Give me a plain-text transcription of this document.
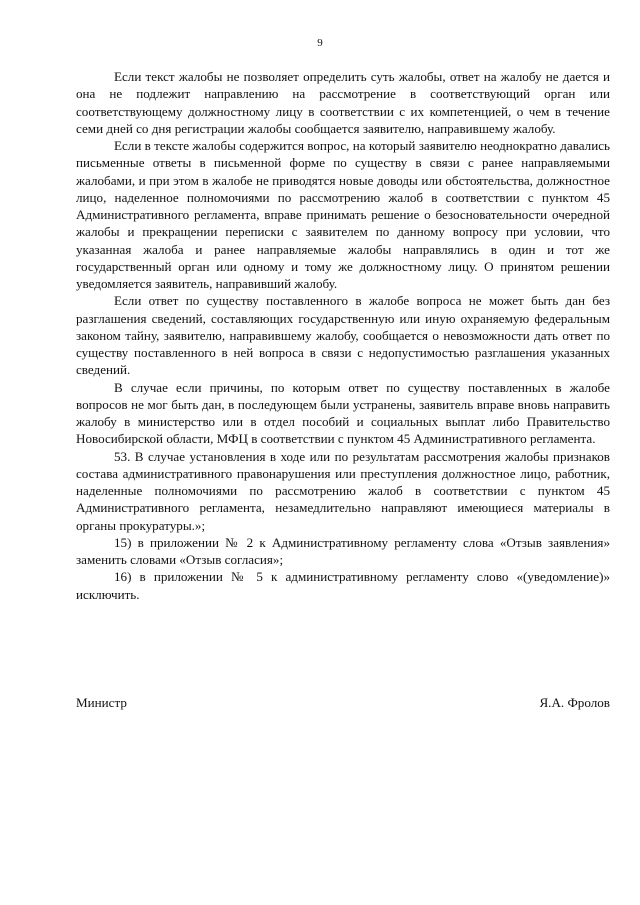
9

Если текст жалобы не позволяет определить суть жалобы, ответ на жалобу не дается и она не подлежит направлению на рассмотрение в соответствующий орган или соответствующему должностному лицу в соответствии с их компетенцией, о чем в течение семи дней со дня регистрации жалобы сообщается заявителю, направившему жалобу.

Если в тексте жалобы содержится вопрос, на который заявителю неоднократно давались письменные ответы в письменной форме по существу в связи с ранее направляемыми жалобами, и при этом в жалобе не приводятся новые доводы или обстоятельства, должностное лицо, наделенное полномочиями по рассмотрению жалоб в соответствии с пунктом 45 Административного регламента, вправе принимать решение о безосновательности очередной жалобы и прекращении переписки с заявителем по данному вопросу при условии, что указанная жалоба и ранее направляемые жалобы направлялись в один и тот же государственный орган или одному и тому же должностному лицу. О принятом решении уведомляется заявитель, направивший жалобу.

Если ответ по существу поставленного в жалобе вопроса не может быть дан без разглашения сведений, составляющих государственную или иную охраняемую федеральным законом тайну, заявителю, направившему жалобу, сообщается о невозможности дать ответ по существу поставленного в ней вопроса в связи с недопустимостью разглашения указанных сведений.

В случае если причины, по которым ответ по существу поставленных в жалобе вопросов не мог быть дан, в последующем были устранены, заявитель вправе вновь направить жалобу в министерство или в отдел пособий и социальных выплат либо Правительство Новосибирской области, МФЦ в соответствии с пунктом 45 Административного регламента.

53. В случае установления в ходе или по результатам рассмотрения жалобы признаков состава административного правонарушения или преступления должностное лицо, работник, наделенные полномочиями по рассмотрению жалоб в соответствии с пунктом 45 Административного регламента, незамедлительно направляют имеющиеся материалы в органы прокуратуры.»;

15) в приложении № 2 к Административному регламенту слова «Отзыв заявления» заменить словами «Отзыв согласия»;

16) в приложении № 5 к административному регламенту слово «(уведомление)» исключить.

Министр	Я.А. Фролов
